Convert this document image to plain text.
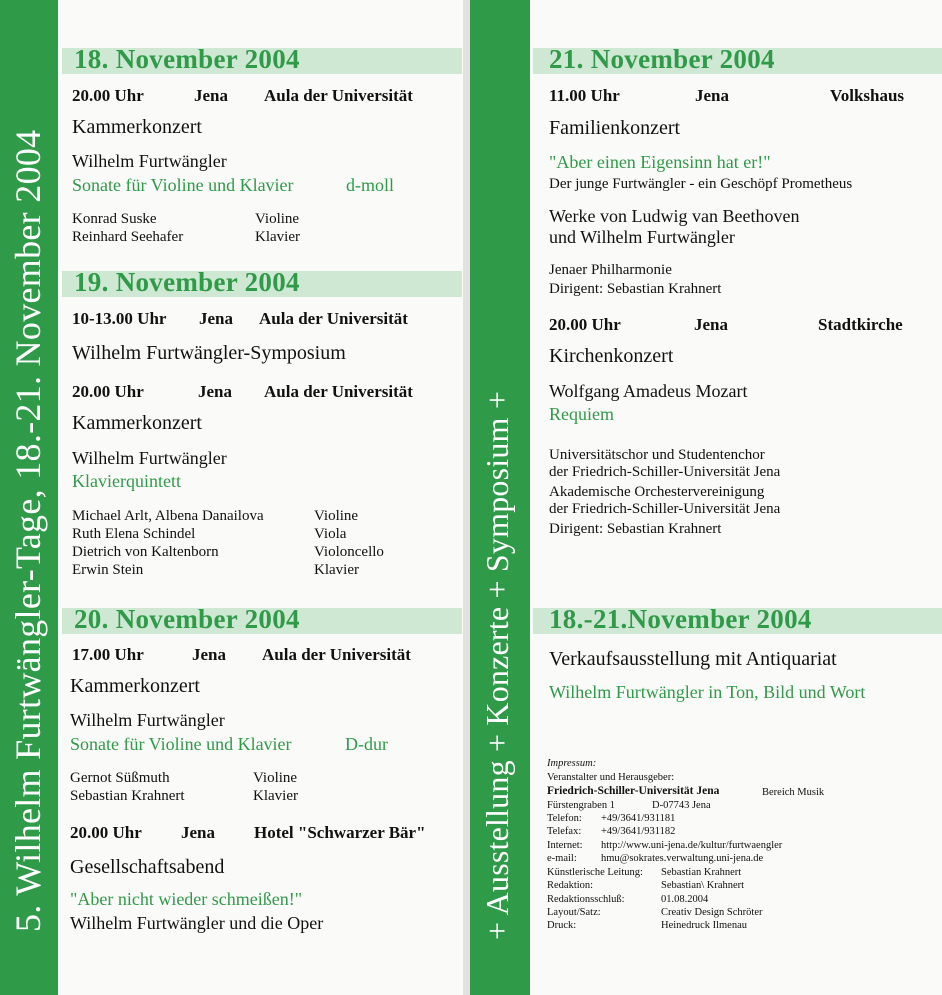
5. Wilhelm Furtwängler-Tage, 18.-21. November 2004	+ Ausstellung + Konzerte + Symposium +
18. November 2004
20.00 Uhr	Jena Aula der Universität
Kammerkonzert
Wilhelm Furtwängler
Sonate für Violine und Klavier	d-moll
Konrad Suske	Violine
Reinhard Seehafer	Klavier
19. November 2004
10-13.00 Uhr Jena Aula der Universität
Wilhelm Furtwängler-Symposium
20.00 Uhr	Jena Aula der Universität
Kammerkonzert
Wilhelm Furtwängler
Klavierquintett
Michael Arlt, Albena Danailova	Violine
Ruth Elena Schindel	Viola
Dietrich von Kaltenborn	Violoncello
Erwin Stein	Klavier
20. November 2004
17.00 Uhr	Jena Aula der Universität
Kammerkonzert
Wilhelm Furtwängler
Sonate für Violine und Klavier	D-dur
Gernot Süßmuth	Violine
Sebastian Krahnert	Klavier
20.00 Uhr Jena Hotel "Schwarzer Bär"
Gesellschaftsabend
"Aber nicht wieder schmeißen!"
Wilhelm Furtwängler und die Oper
21. November 2004
11.00 Uhr	Jena	Volkshaus
Familienkonzert
"Aber einen Eigensinn hat er!"
Der junge Furtwängler - ein Geschöpf Prometheus
Werke von Ludwig van Beethoven
und Wilhelm Furtwängler
Jenaer Philharmonie
Dirigent: Sebastian Krahnert
20.00 Uhr	Jena	Stadtkirche
Kirchenkonzert
Wolfgang Amadeus Mozart
Requiem
Universitätschor und Studentenchor
der Friedrich-Schiller-Universität Jena
Akademische Orchestervereinigung
der Friedrich-Schiller-Universität Jena
Dirigent: Sebastian Krahnert
18.-21.November 2004
Verkaufsausstellung mit Antiquariat
Wilhelm Furtwängler in Ton, Bild und Wort
Impressum:
Veranstalter und Herausgeber:
Friedrich-Schiller-Universität Jena	Bereich Musik
Fürstengraben 1	D-07743 Jena
Telefon: +49/3641/931181
Telefax: +49/3641/931182
Internet: http://www.uni-jena.de/kultur/furtwaengler
e-mail: hmu@sokrates.verwaltung.uni-jena.de
Künstlerische Leitung: Sebastian Krahnert
Redaktion:	Sebastian\ Krahnert
Redaktionsschluß:	01.08.2004
Layout/Satz:	Creativ Design Schröter
Druck:	Heinedruck Ilmenau
